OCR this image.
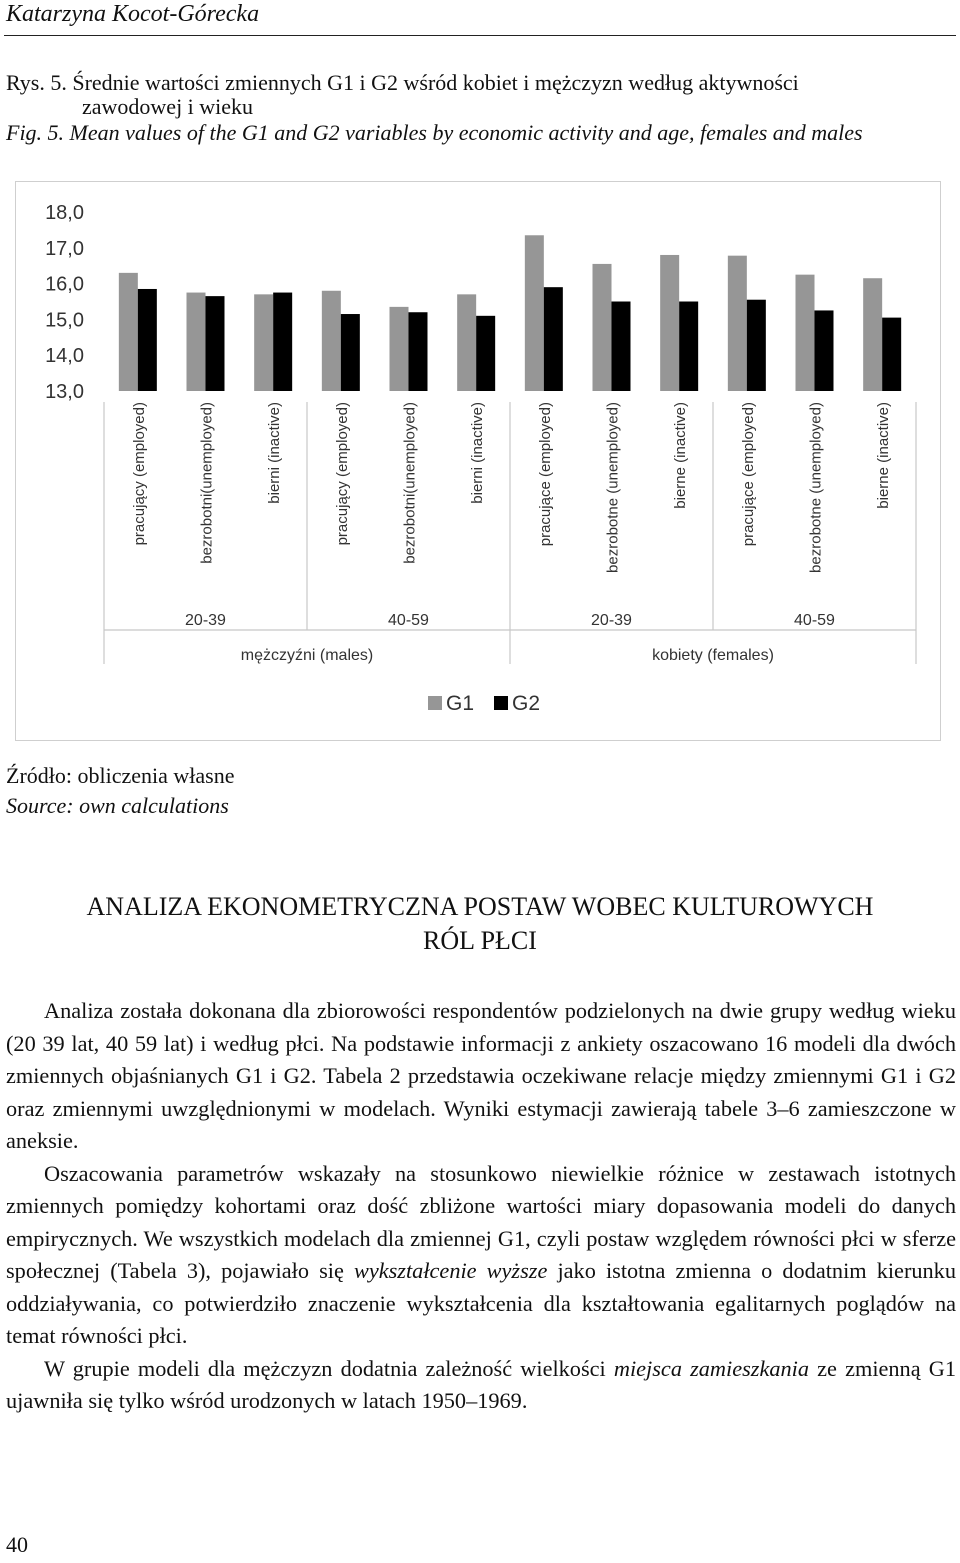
Katarzyna Kocot-Górecka
Rys. 5. Średnie wartości zmiennych G1 i G2 wśród kobiet i mężczyzn według aktywności
zawodowej i wieku
Fig. 5. Mean values of the G1 and G2 variables by economic activity and age, females and males
13,0
14,0
15,0
16,0
17,0
18,0
pracujący (employed)	bezrobotni(unemployed)	bierni (inactive)	pracujący (employed)	bezrobotni(unemployed)	bierni (inactive)	pracujące (employed)	bezrobotne (unemployed)	bierne (inactive)	pracujące (employed)	bezrobotne (unemployed)	bierne (inactive)
20-39	40-59	20-39	40-59
mężczyźni (males)	kobiety (females)
G1 G2
Źródło: obliczenia własne
Source: own calculations
ANALIZA EKONOMETRYCZNA POSTAW WOBEC KULTUROWYCH
RÓL PŁCI

Analiza została dokonana dla zbiorowości respondentów podzielonych na dwie grupy według wieku (20 39 lat, 40 59 lat) i według płci. Na podstawie informacji z ankiety oszacowano 16 modeli dla dwóch zmiennych objaśnianych G1 i G2. Tabela 2 przedstawia oczekiwane relacje między zmiennymi G1 i G2 oraz zmiennymi uwzględnionymi w modelach. Wyniki estymacji zawierają tabele 3–6 zamieszczone w aneksie.

Oszacowania parametrów wskazały na stosunkowo niewielkie różnice w zestawach istotnych zmiennych pomiędzy kohortami oraz dość zbliżone wartości miary dopasowania modeli do danych empirycznych. We wszystkich modelach dla zmiennej G1, czyli postaw względem równości płci w sferze społecznej (Tabela 3), pojawiało się wykształcenie wyższe jako istotna zmienna o dodatnim kierunku oddziaływania, co potwierdziło znaczenie wykształcenia dla kształtowania egalitarnych poglądów na temat równości płci.

W grupie modeli dla mężczyzn dodatnia zależność wielkości miejsca zamieszkania ze zmienną G1 ujawniła się tylko wśród urodzonych w latach 1950–1969.

40
